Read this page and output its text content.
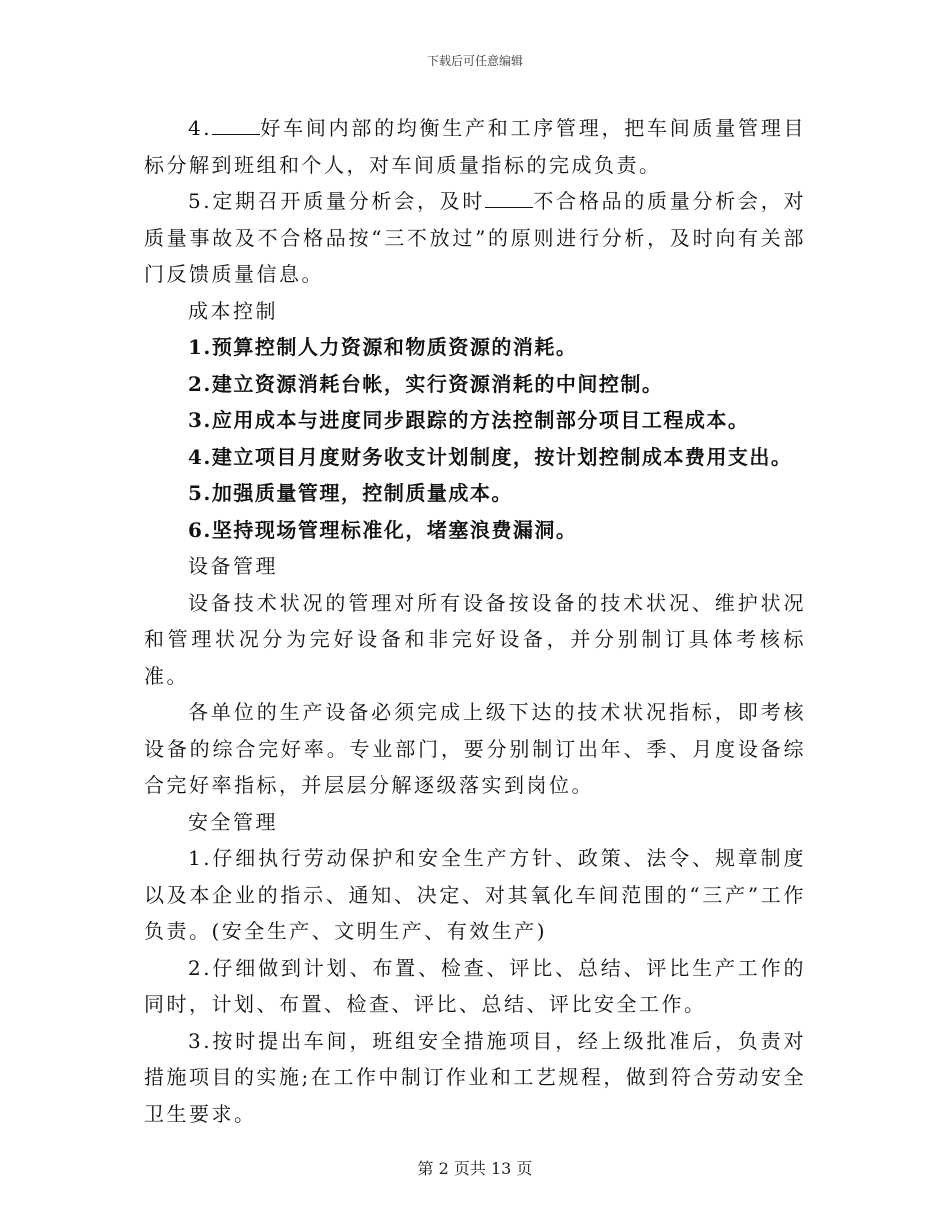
下载后可任意编辑

4. 好车间内部的均衡生产和工序管理，把车间质量管理目标分解到班组和个人，对车间质量指标的完成负责。

5.定期召开质量分析会，及时 不合格品的质量分析会，对质量事故及不合格品按“三不放过”的原则进行分析，及时向有关部门反馈质量信息。

成本控制

1.预算控制人力资源和物质资源的消耗。

2.建立资源消耗台帐，实行资源消耗的中间控制。

3.应用成本与进度同步跟踪的方法控制部分项目工程成本。

4.建立项目月度财务收支计划制度，按计划控制成本费用支出。

5.加强质量管理，控制质量成本。

6.坚持现场管理标准化，堵塞浪费漏洞。

设备管理

设备技术状况的管理对所有设备按设备的技术状况、维护状况和管理状况分为完好设备和非完好设备，并分别制订具体考核标准。

各单位的生产设备必须完成上级下达的技术状况指标，即考核设备的综合完好率。专业部门，要分别制订出年、季、月度设备综合完好率指标，并层层分解逐级落实到岗位。

安全管理

1.仔细执行劳动保护和安全生产方针、政策、法令、规章制度以及本企业的指示、通知、决定、对其氧化车间范围的“三产”工作负责。(安全生产、文明生产、有效生产)

2.仔细做到计划、布置、检查、评比、总结、评比生产工作的同时，计划、布置、检查、评比、总结、评比安全工作。

3.按时提出车间，班组安全措施项目，经上级批准后，负责对措施项目的实施;在工作中制订作业和工艺规程，做到符合劳动安全卫生要求。

第 2 页共 13 页
